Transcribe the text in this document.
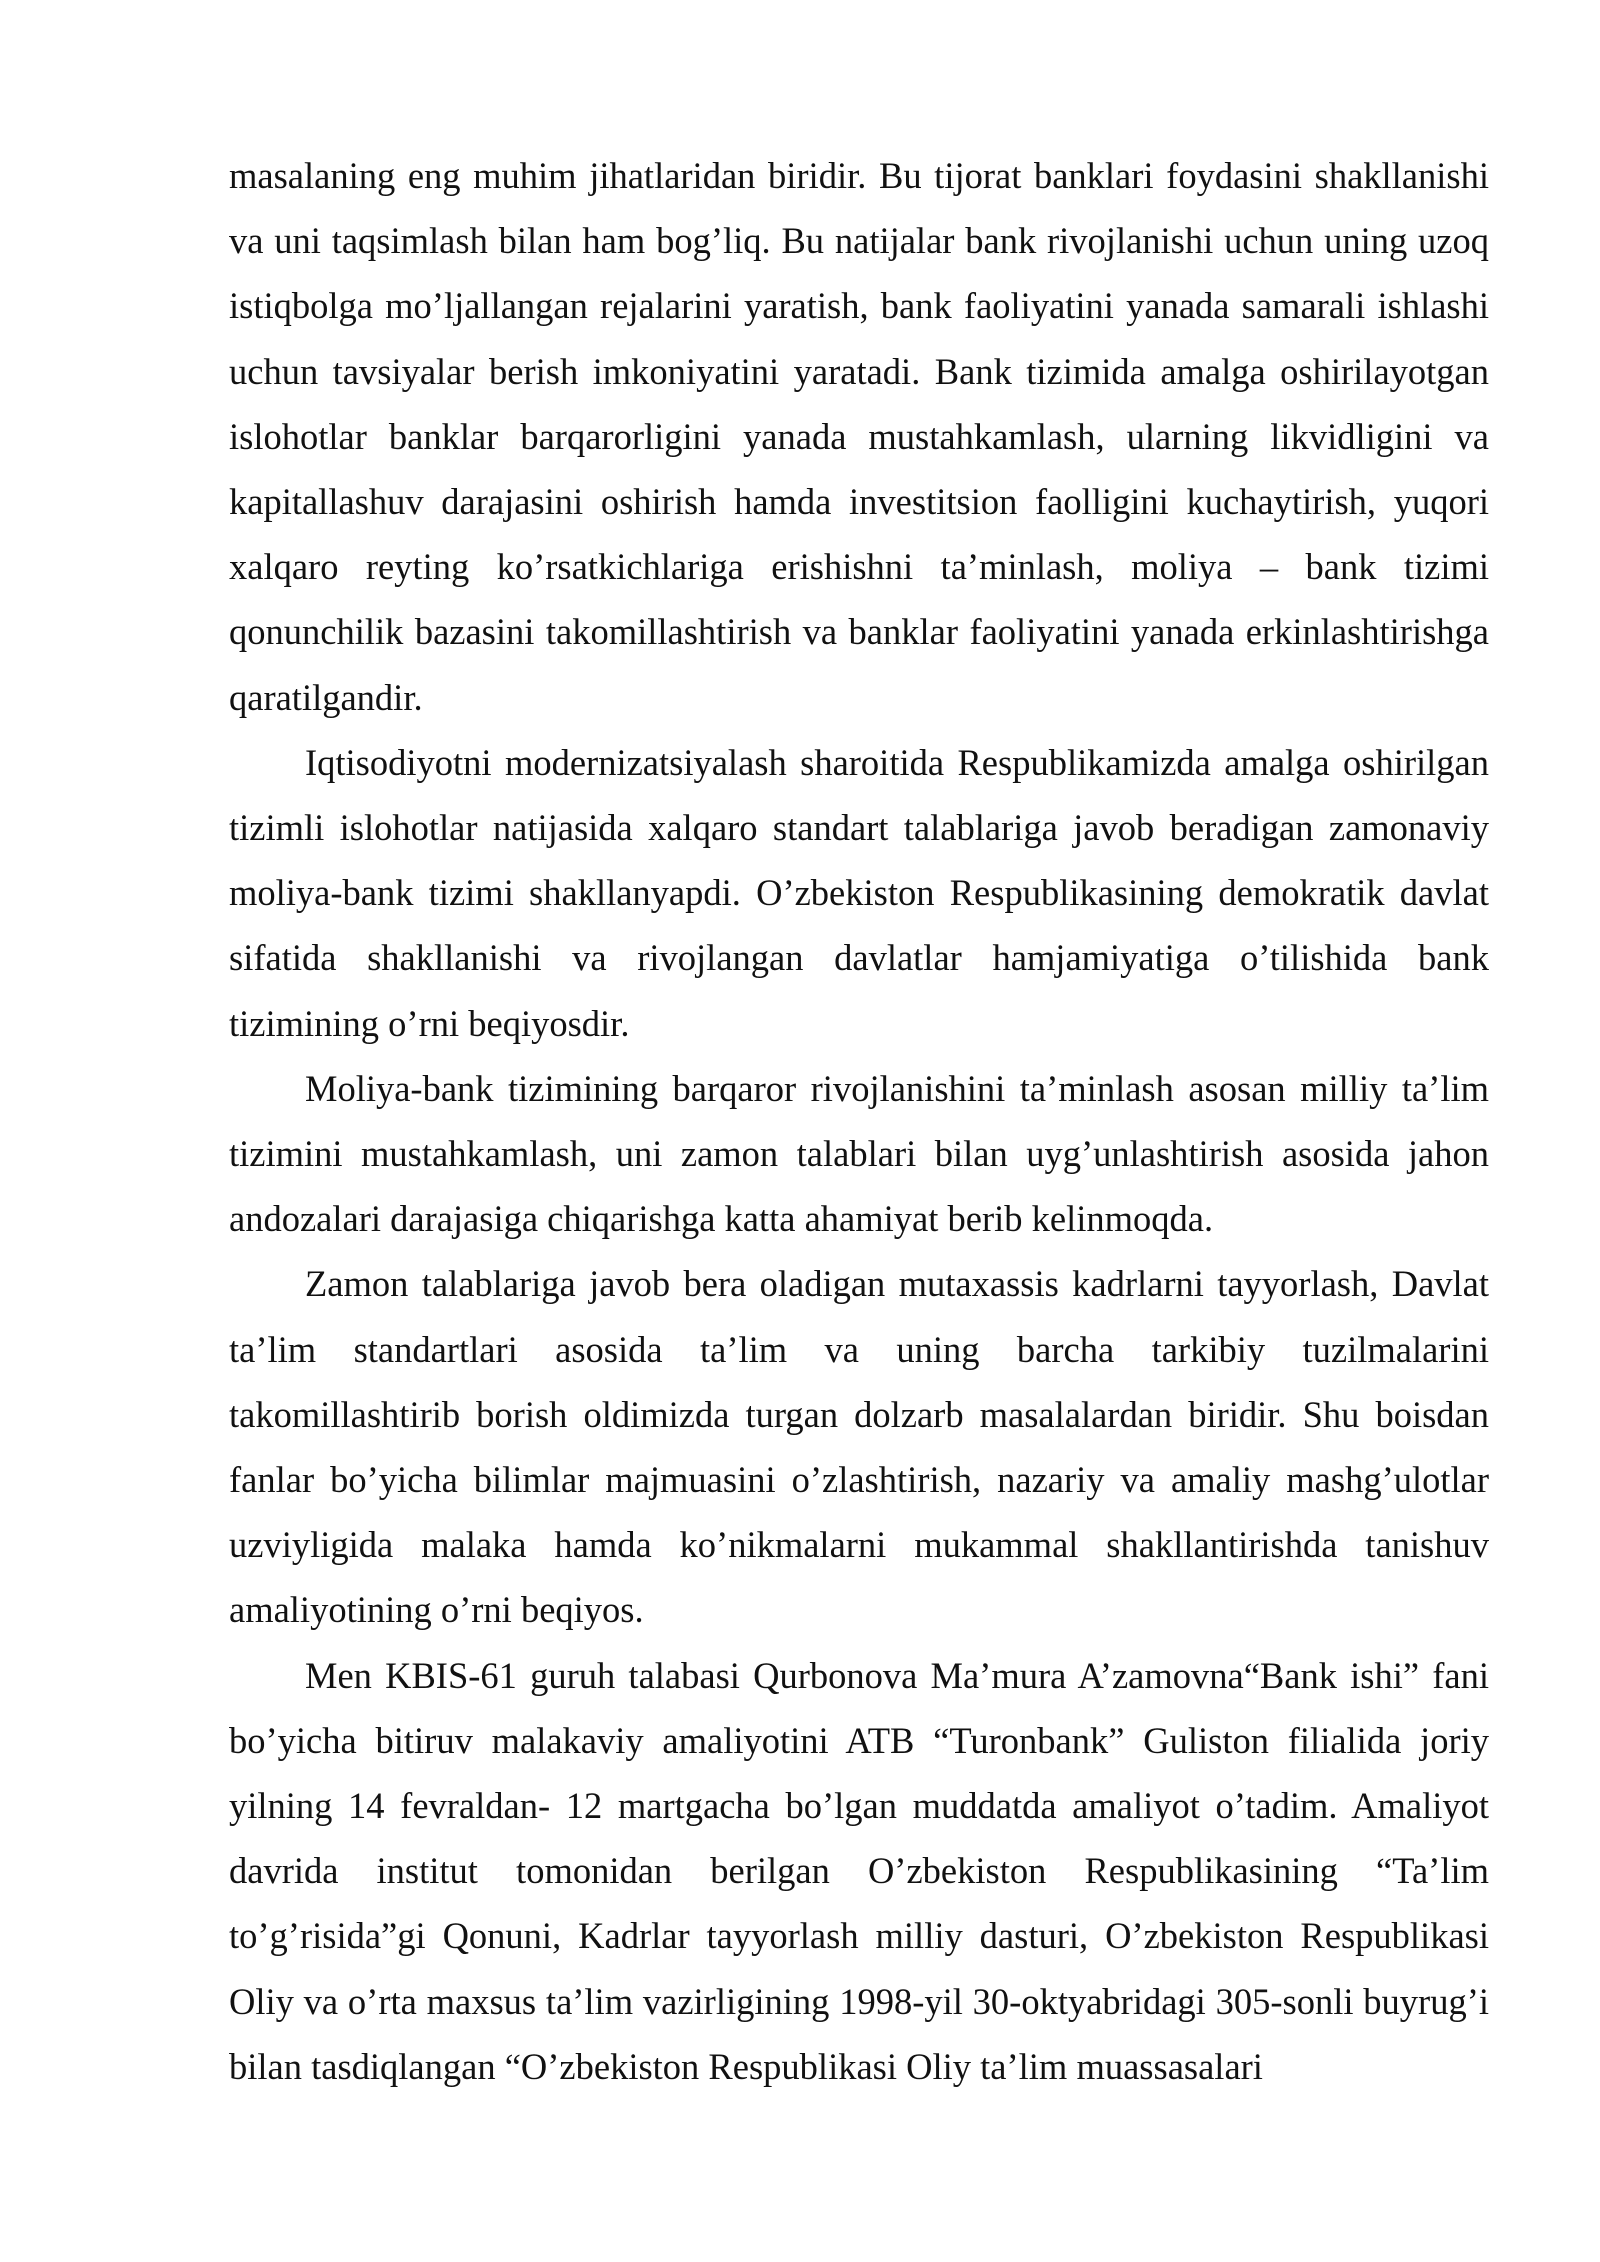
masalaning eng muhim jihatlaridan biridir. Bu tijorat banklari foydasini shakllanishi va uni taqsimlash bilan ham bog’liq. Bu natijalar bank rivojlanishi uchun uning uzoq istiqbolga mo’ljallangan rejalarini yaratish, bank faoliyatini yanada samarali ishlashi uchun tavsiyalar berish imkoniyatini yaratadi. Bank tizimida amalga oshirilayotgan islohotlar banklar barqarorligini yanada mustahkamlash, ularning likvidligini va kapitallashuv darajasini oshirish hamda investitsion faolligini kuchaytirish, yuqori xalqaro reyting ko’rsatkichlariga erishishni ta’minlash, moliya – bank tizimi qonunchilik bazasini takomillashtirish va banklar faoliyatini yanada erkinlashtirishga qaratilgandir.

Iqtisodiyotni modernizatsiyalash sharoitida Respublikamizda amalga oshirilgan tizimli islohotlar natijasida xalqaro standart talablariga javob beradigan zamonaviy moliya-bank tizimi shakllanyapdi. O’zbekiston Respublikasining demokratik davlat sifatida shakllanishi va rivojlangan davlatlar hamjamiyatiga o’tilishida bank tizimining o’rni beqiyosdir.

Moliya-bank tizimining barqaror rivojlanishini ta’minlash asosan milliy ta’lim tizimini mustahkamlash, uni zamon talablari bilan uyg’unlashtirish asosida jahon andozalari darajasiga chiqarishga katta ahamiyat berib kelinmoqda.

Zamon talablariga javob bera oladigan mutaxassis kadrlarni tayyorlash, Davlat ta’lim standartlari asosida ta’lim va uning barcha tarkibiy tuzilmalarini takomillashtirib borish oldimizda turgan dolzarb masalalardan biridir. Shu boisdan fanlar bo’yicha bilimlar majmuasini o’zlashtirish, nazariy va amaliy mashg’ulotlar uzviyligida malaka hamda ko’nikmalarni mukammal shakllantirishda tanishuv amaliyotining o’rni beqiyos.

Men KBIS-61 guruh talabasi Qurbonova Ma’mura A’zamovna“Bank ishi” fani bo’yicha bitiruv malakaviy amaliyotini ATB “Turonbank” Guliston filialida joriy yilning 14 fevraldan- 12 martgacha bo’lgan muddatda amaliyot o’tadim. Amaliyot davrida institut tomonidan berilgan O’zbekiston Respublikasining “Ta’lim to’g’risida”gi Qonuni, Kadrlar tayyorlash milliy dasturi, O’zbekiston Respublikasi Oliy va o’rta maxsus ta’lim vazirligining 1998-yil 30-oktyabridagi 305-sonli buyrug’i bilan tasdiqlangan “O’zbekiston Respublikasi Oliy ta’lim muassasalari
